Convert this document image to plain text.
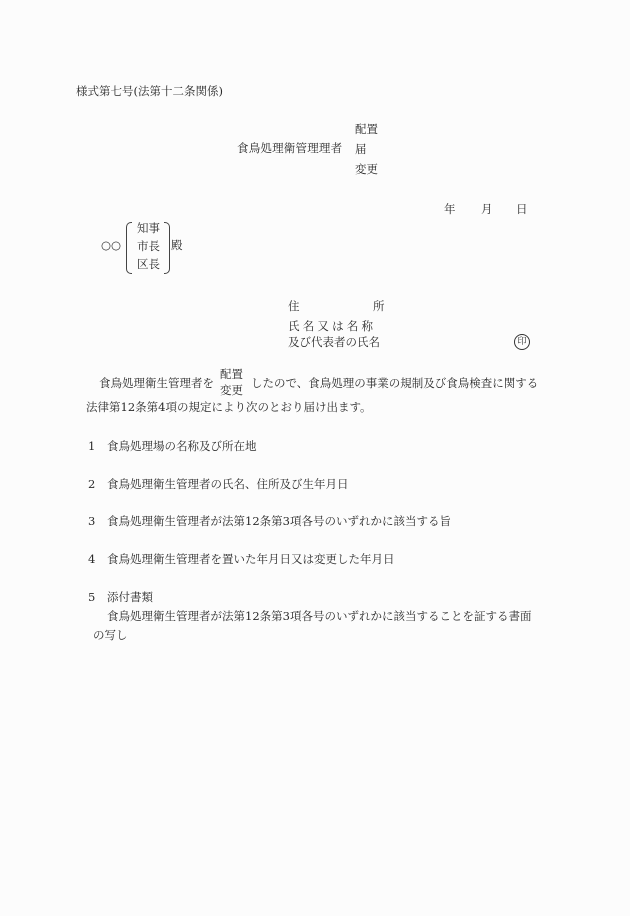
様式第七号(法第十二条関係)
食鳥処理衛管理理者
配置
届
変更
年 月 日
○○
知事
市長
区長
殿
住	所
氏名又は名称
及び代表者の氏名	印
食鳥処理衛生管理者を
配置
変更 したので、食鳥処理の事業の規制及び食鳥検査に関する
法律第12条第4項の規定により次のとおり届け出ます。
1 食鳥処理場の名称及び所在地
2 食鳥処理衛生管理者の氏名、住所及び生年月日
3 食鳥処理衛生管理者が法第12条第3項各号のいずれかに該当する旨
4 食鳥処理衛生管理者を置いた年月日又は変更した年月日
5 添付書類
食鳥処理衛生管理者が法第12条第3項各号のいずれかに該当することを証する書面
の写し
